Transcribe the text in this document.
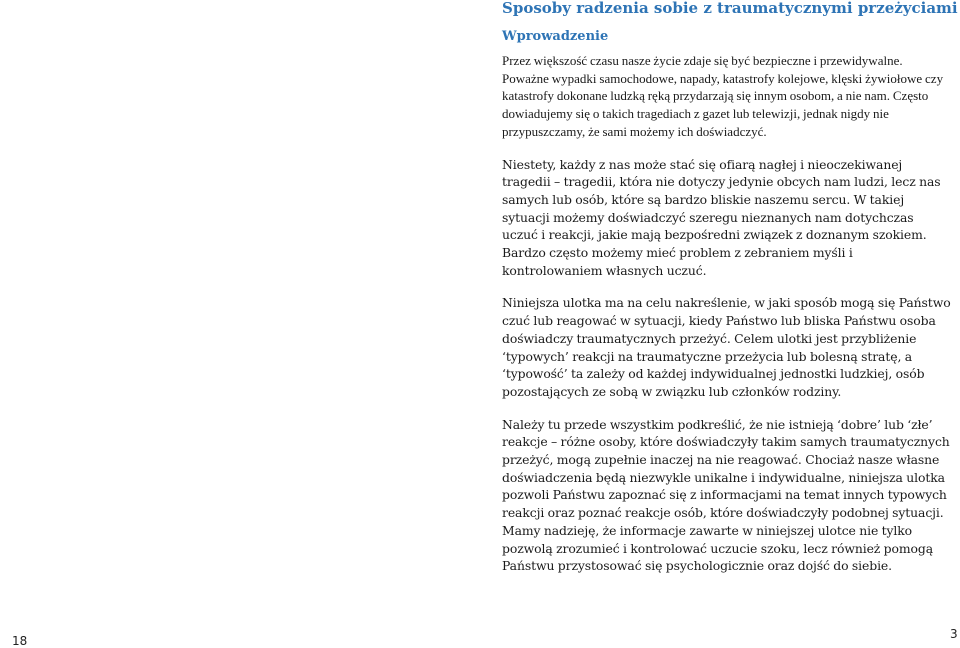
18	3
Sposoby radzenia sobie z traumatycznymi przeżyciami
Wprowadzenie

Przez większość czasu nasze życie zdaje się być bezpieczne i przewidywalne. Poważne wypadki samochodowe, napady, katastrofy kolejowe, klęski żywiołowe czy katastrofy dokonane ludzką ręką przydarzają się innym osobom, a nie nam. Często dowiadujemy się o takich tragediach z gazet lub telewizji, jednak nigdy nie przypuszczamy, że sami możemy ich doświadczyć.

Niestety, każdy z nas może stać się ofiarą nagłej i nieoczekiwanej tragedii – tragedii, która nie dotyczy jedynie obcych nam ludzi, lecz nas samych lub osób, które są bardzo bliskie naszemu sercu. W takiej sytuacji możemy doświadczyć szeregu nieznanych nam dotychczas uczuć i reakcji, jakie mają bezpośredni związek z doznanym szokiem. Bardzo często możemy mieć problem z zebraniem myśli i kontrolowaniem własnych uczuć.

Niniejsza ulotka ma na celu nakreślenie, w jaki sposób mogą się Państwo czuć lub reagować w sytuacji, kiedy Państwo lub bliska Państwu osoba doświadczy traumatycznych przeżyć. Celem ulotki jest przybliżenie ‘typowych’ reakcji na traumatyczne przeżycia lub bolesną stratę, a ‘typowość’ ta zależy od każdej indywidualnej jednostki ludzkiej, osób pozostających ze sobą w związku lub członków rodziny.

Należy tu przede wszystkim podkreślić, że nie istnieją ‘dobre’ lub ‘złe’ reakcje – różne osoby, które doświadczyły takim samych traumatycznych przeżyć, mogą zupełnie inaczej na nie reagować. Chociaż nasze własne doświadczenia będą niezwykle unikalne i indywidualne, niniejsza ulotka pozwoli Państwu zapoznać się z informacjami na temat innych typowych reakcji oraz poznać reakcje osób, które doświadczyły podobnej sytuacji. Mamy nadzieję, że informacje zawarte w niniejszej ulotce nie tylko pozwolą zrozumieć i kontrolować uczucie szoku, lecz również pomogą Państwu przystosować się psychologicznie oraz dojść do siebie.
